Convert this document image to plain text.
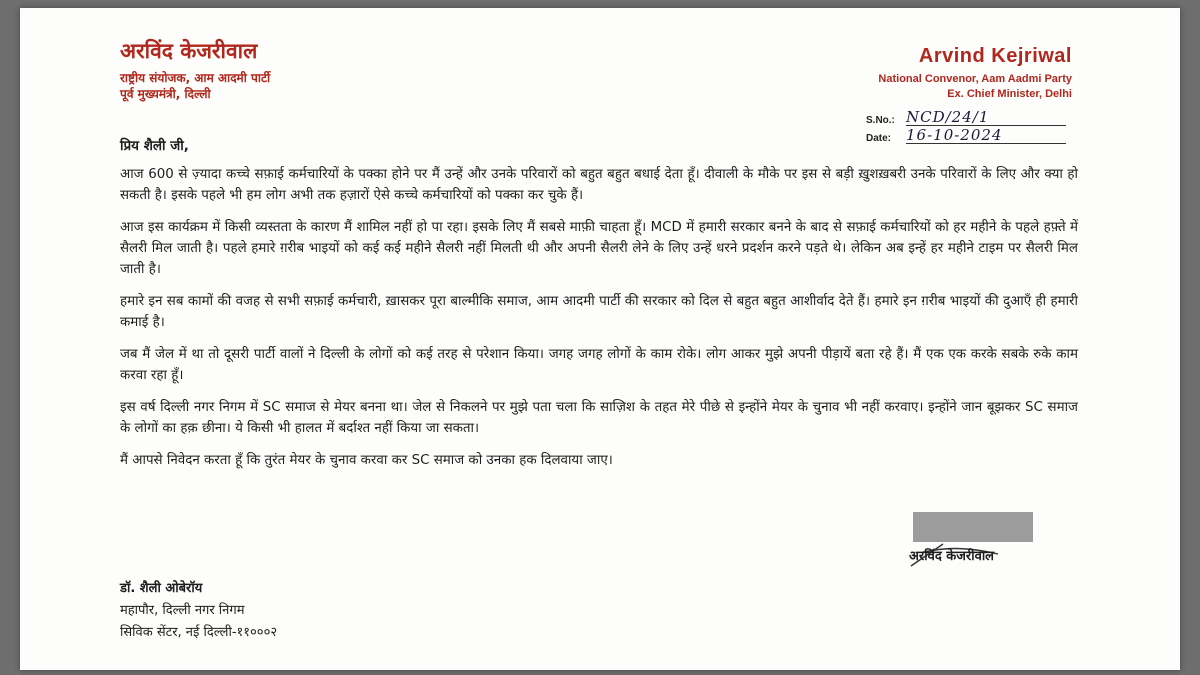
अरविंद केजरीवाल
राष्ट्रीय संयोजक, आम आदमी पार्टी
पूर्व मुख्यमंत्री, दिल्ली
Arvind Kejriwal
National Convenor, Aam Aadmi Party
Ex. Chief Minister, Delhi
S.No.: NCD/24/1
Date: 16-10-2024

प्रिय शैली जी,

आज 600 से ज़्यादा कच्चे सफ़ाई कर्मचारियों के पक्का होने पर मैं उन्हें और उनके परिवारों को बहुत बहुत बधाई देता हूँ। दीवाली के मौके पर इस से बड़ी ख़ुशख़बरी उनके परिवारों के लिए और क्या हो सकती है। इसके पहले भी हम लोग अभी तक हज़ारों ऐसे कच्चे कर्मचारियों को पक्का कर चुके हैं।

आज इस कार्यक्रम में किसी व्यस्तता के कारण मैं शामिल नहीं हो पा रहा। इसके लिए मैं सबसे माफ़ी चाहता हूँ। MCD में हमारी सरकार बनने के बाद से सफ़ाई कर्मचारियों को हर महीने के पहले हफ़्ते में सैलरी मिल जाती है। पहले हमारे ग़रीब भाइयों को कई कई महीने सैलरी नहीं मिलती थी और अपनी सैलरी लेने के लिए उन्हें धरने प्रदर्शन करने पड़ते थे। लेकिन अब इन्हें हर महीने टाइम पर सैलरी मिल जाती है।

हमारे इन सब कामों की वजह से सभी सफ़ाई कर्मचारी, ख़ासकर पूरा बाल्मीकि समाज, आम आदमी पार्टी की सरकार को दिल से बहुत बहुत आशीर्वाद देते हैं। हमारे इन ग़रीब भाइयों की दुआएँ ही हमारी कमाई है।

जब मैं जेल में था तो दूसरी पार्टी वालों ने दिल्ली के लोगों को कई तरह से परेशान किया। जगह जगह लोगों के काम रोके। लोग आकर मुझे अपनी पीड़ायें बता रहे हैं। मैं एक एक करके सबके रुके काम करवा रहा हूँ।

इस वर्ष दिल्ली नगर निगम में SC समाज से मेयर बनना था। जेल से निकलने पर मुझे पता चला कि साज़िश के तहत मेरे पीछे से इन्होंने मेयर के चुनाव भी नहीं करवाए। इन्होंने जान बूझकर SC समाज के लोगों का हक़ छीना। ये किसी भी हालत में बर्दाश्त नहीं किया जा सकता।

मैं आपसे निवेदन करता हूँ कि तुरंत मेयर के चुनाव करवा कर SC समाज को उनका हक दिलवाया जाए।

अरविंद केजरीवाल
डॉ. शैली ओबेरॉय
महापौर, दिल्ली नगर निगम
सिविक सेंटर, नई दिल्ली-११०००२
